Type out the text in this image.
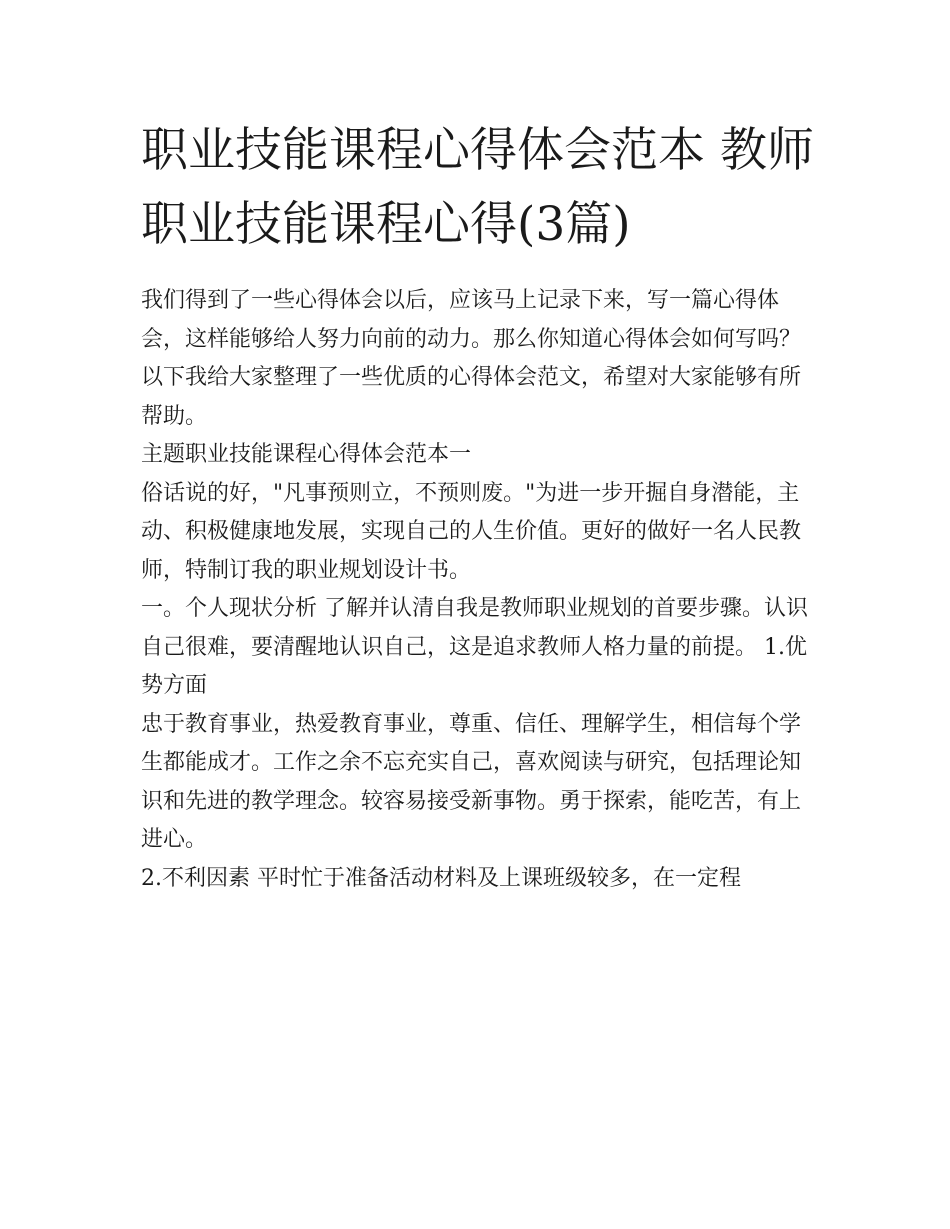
职业技能课程心得体会范本 教师职业技能课程心得(3篇)

我们得到了一些心得体会以后，应该马上记录下来，写一篇心得体会，这样能够给人努力向前的动力。那么你知道心得体会如何写吗？以下我给大家整理了一些优质的心得体会范文，希望对大家能够有所帮助。

主题职业技能课程心得体会范本一

俗话说的好，"凡事预则立，不预则废。"为进一步开掘自身潜能，主动、积极健康地发展，实现自己的人生价值。更好的做好一名人民教师，特制订我的职业规划设计书。

一。个人现状分析 了解并认清自我是教师职业规划的首要步骤。认识自己很难，要清醒地认识自己，这是追求教师人格力量的前提。 1.优势方面

忠于教育事业，热爱教育事业，尊重、信任、理解学生，相信每个学生都能成才。工作之余不忘充实自己，喜欢阅读与研究，包括理论知识和先进的教学理念。较容易接受新事物。勇于探索，能吃苦，有上进心。

2.不利因素 平时忙于准备活动材料及上课班级较多，在一定程
